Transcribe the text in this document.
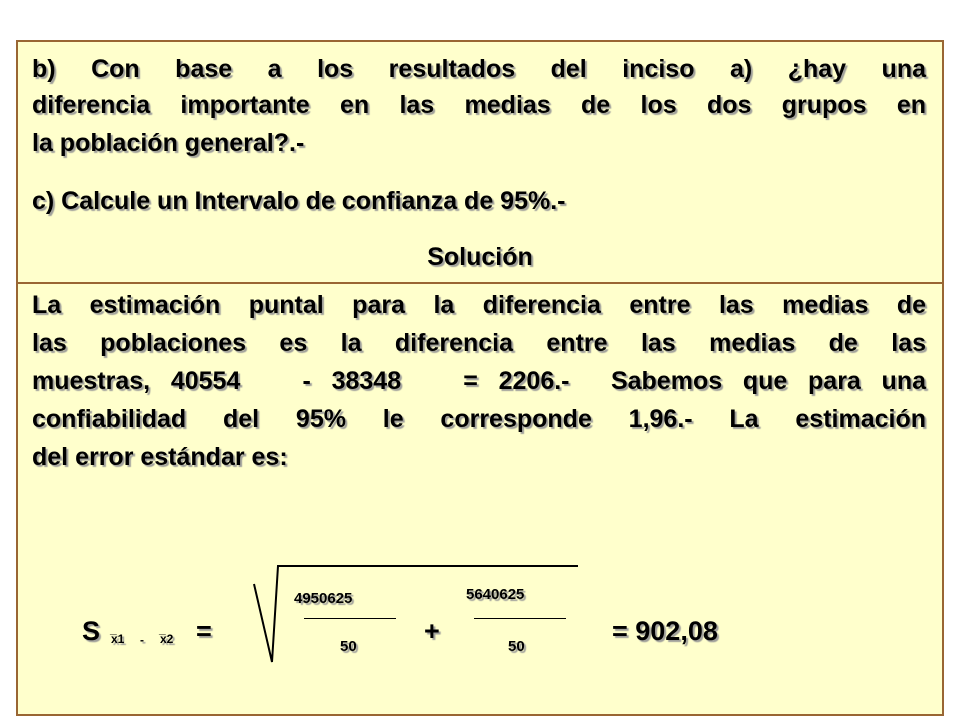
b) Con base a los resultados del inciso a) ¿hay una
diferencia importante en las medias de los dos grupos en
la población general?.-
c) Calcule un Intervalo de confianza de 95%.-
Solución
La estimación puntal para la diferencia entre las medias de
las poblaciones es la diferencia entre las medias de las
muestras, 40554   - 38348   = 2206.-  Sabemos que para una
confiabilidad del 95% le corresponde 1,96.- La estimación
del error estándar es:
S _
x1 -
_
x2 =
4950625
50
+
5640625
50
= 902,08
